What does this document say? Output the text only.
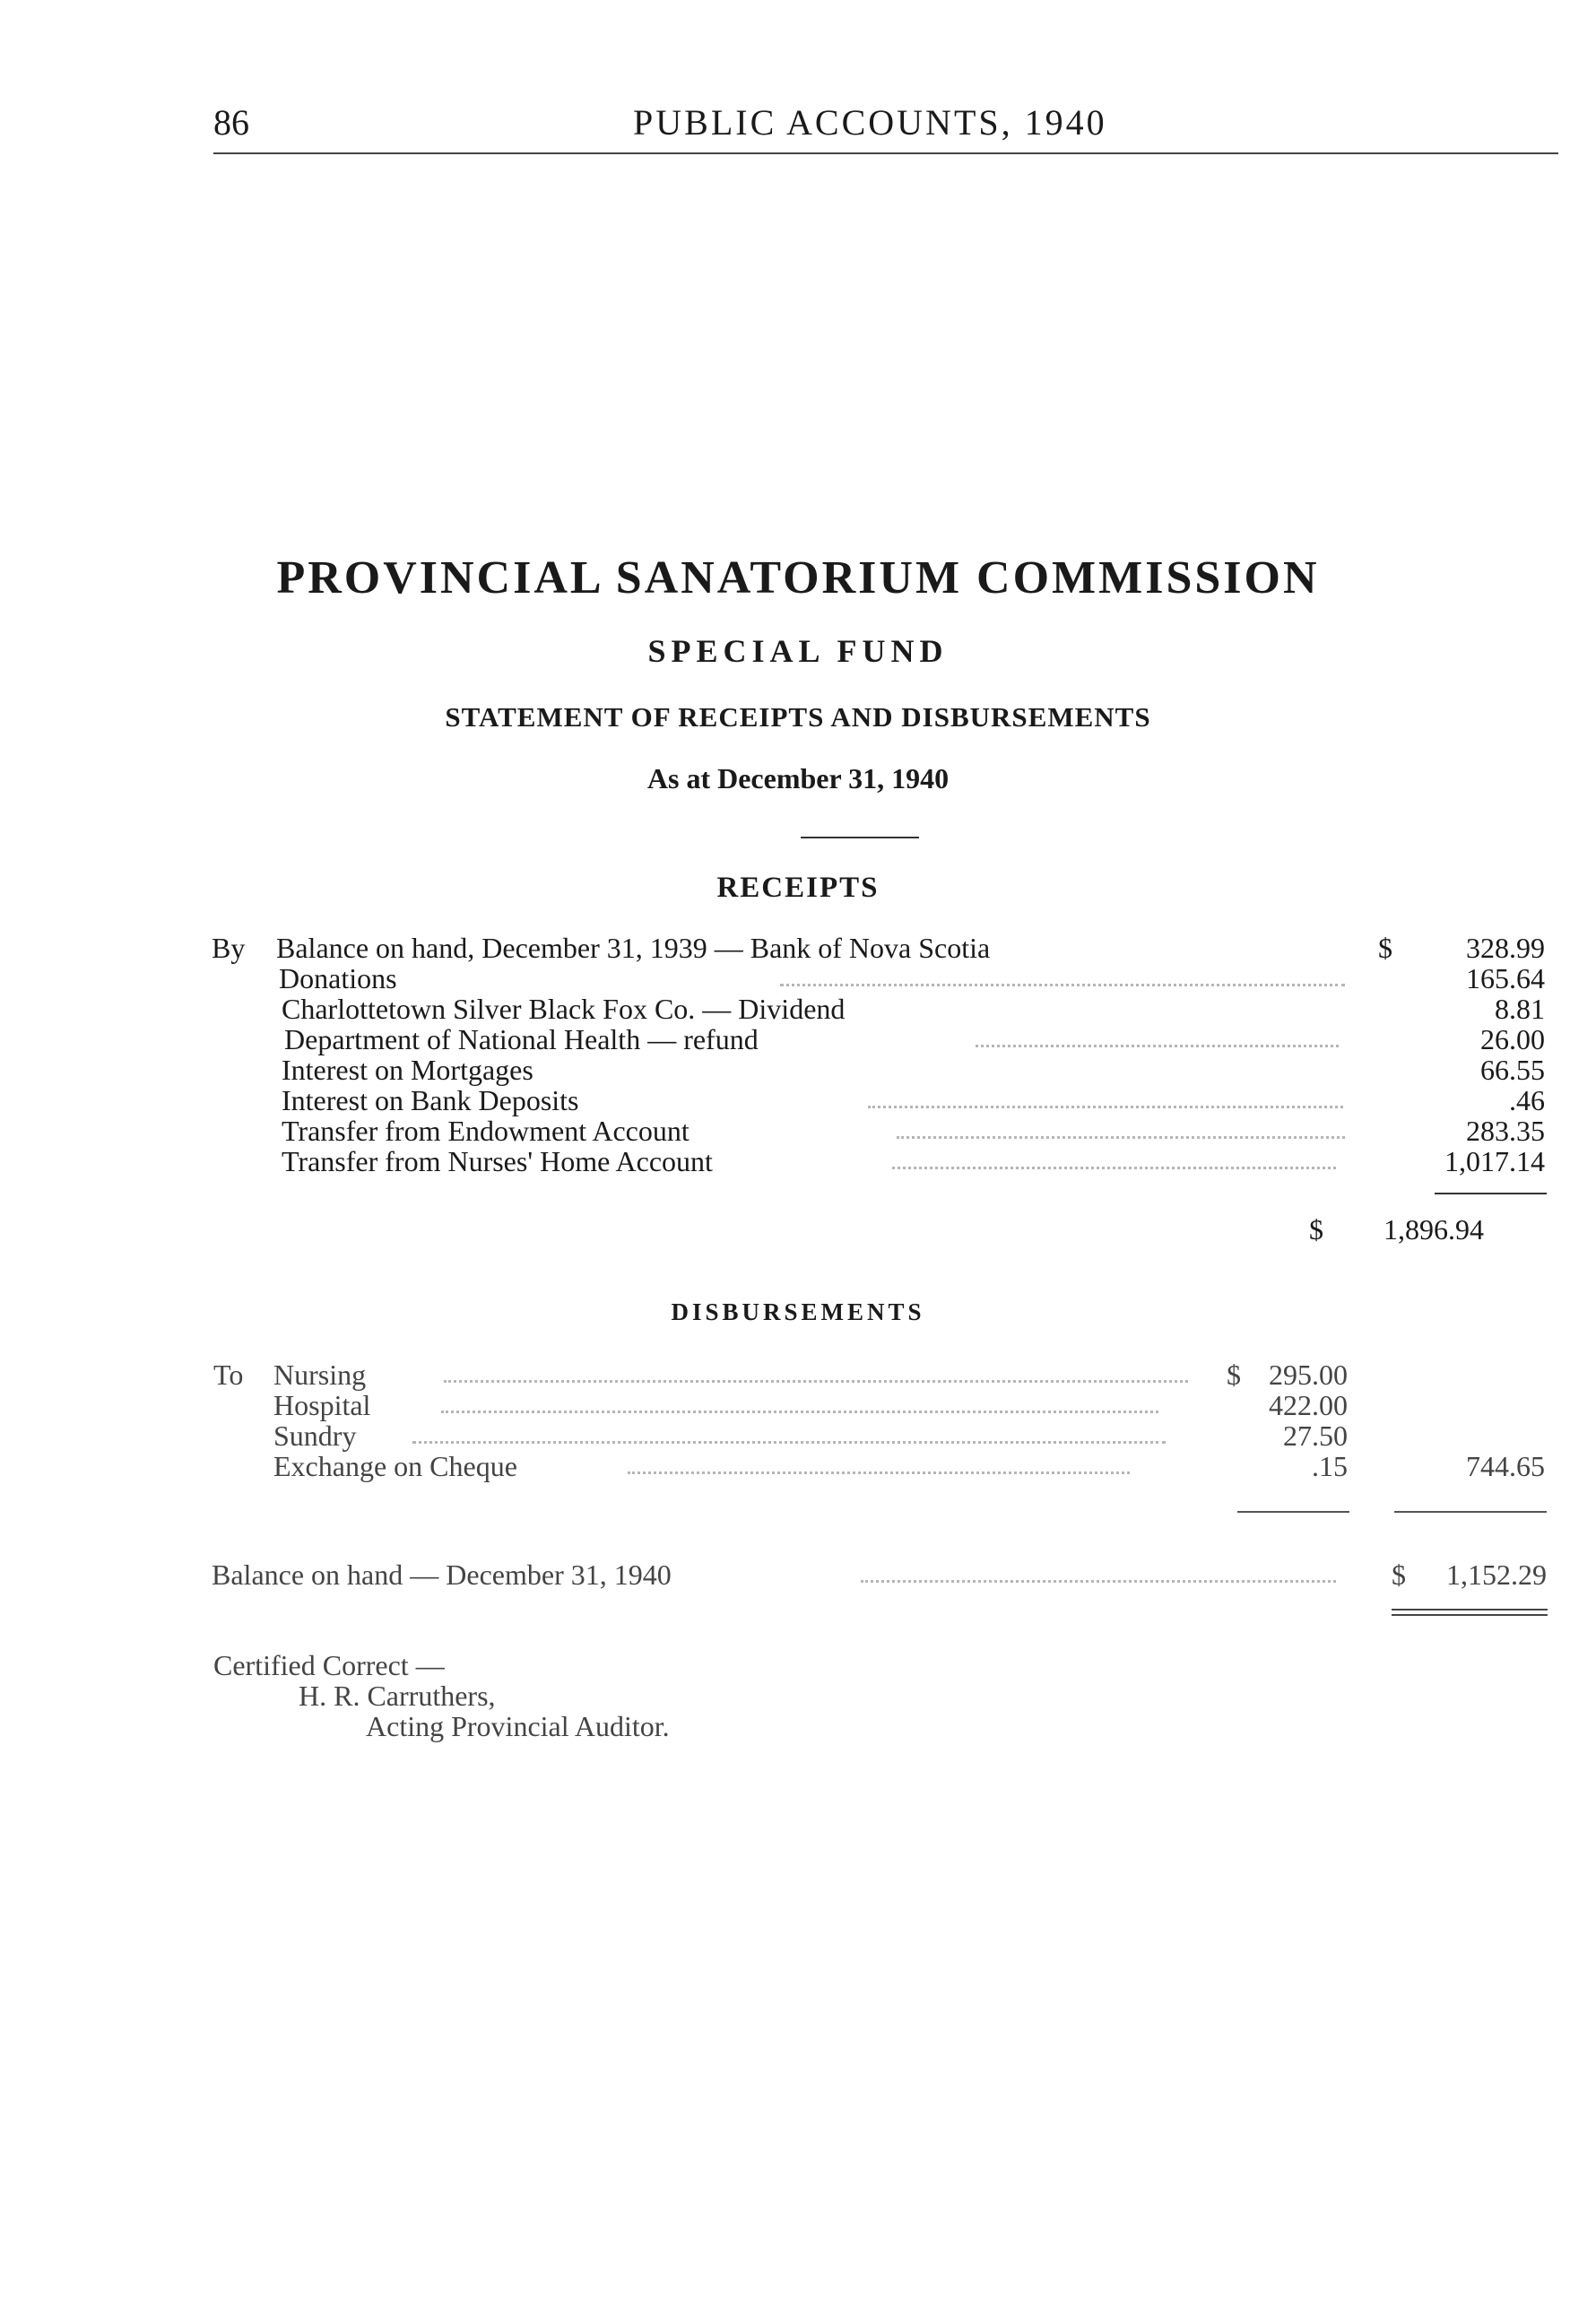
86	PUBLIC ACCOUNTS, 1940
PROVINCIAL SANATORIUM COMMISSION
SPECIAL FUND
STATEMENT OF RECEIPTS AND DISBURSEMENTS
As at December 31, 1940
RECEIPTS
By Balance on hand, December 31, 1939 — Bank of Nova Scotia	$	328.99
Donations	165.64
Charlottetown Silver Black Fox Co. — Dividend	8.81
Department of National Health — refund	26.00
Interest on Mortgages	66.55
Interest on Bank Deposits	.46
Transfer from Endowment Account	283.35
Transfer from Nurses' Home Account	1,017.14
$	1,896.94
DISBURSEMENTS
To Nursing	$ 295.00
Hospital	422.00
Sundry	27.50
Exchange on Cheque	.15	744.65
Balance on hand — December 31, 1940	$	1,152.29
Certified Correct —
H. R. Carruthers,
Acting Provincial Auditor.
